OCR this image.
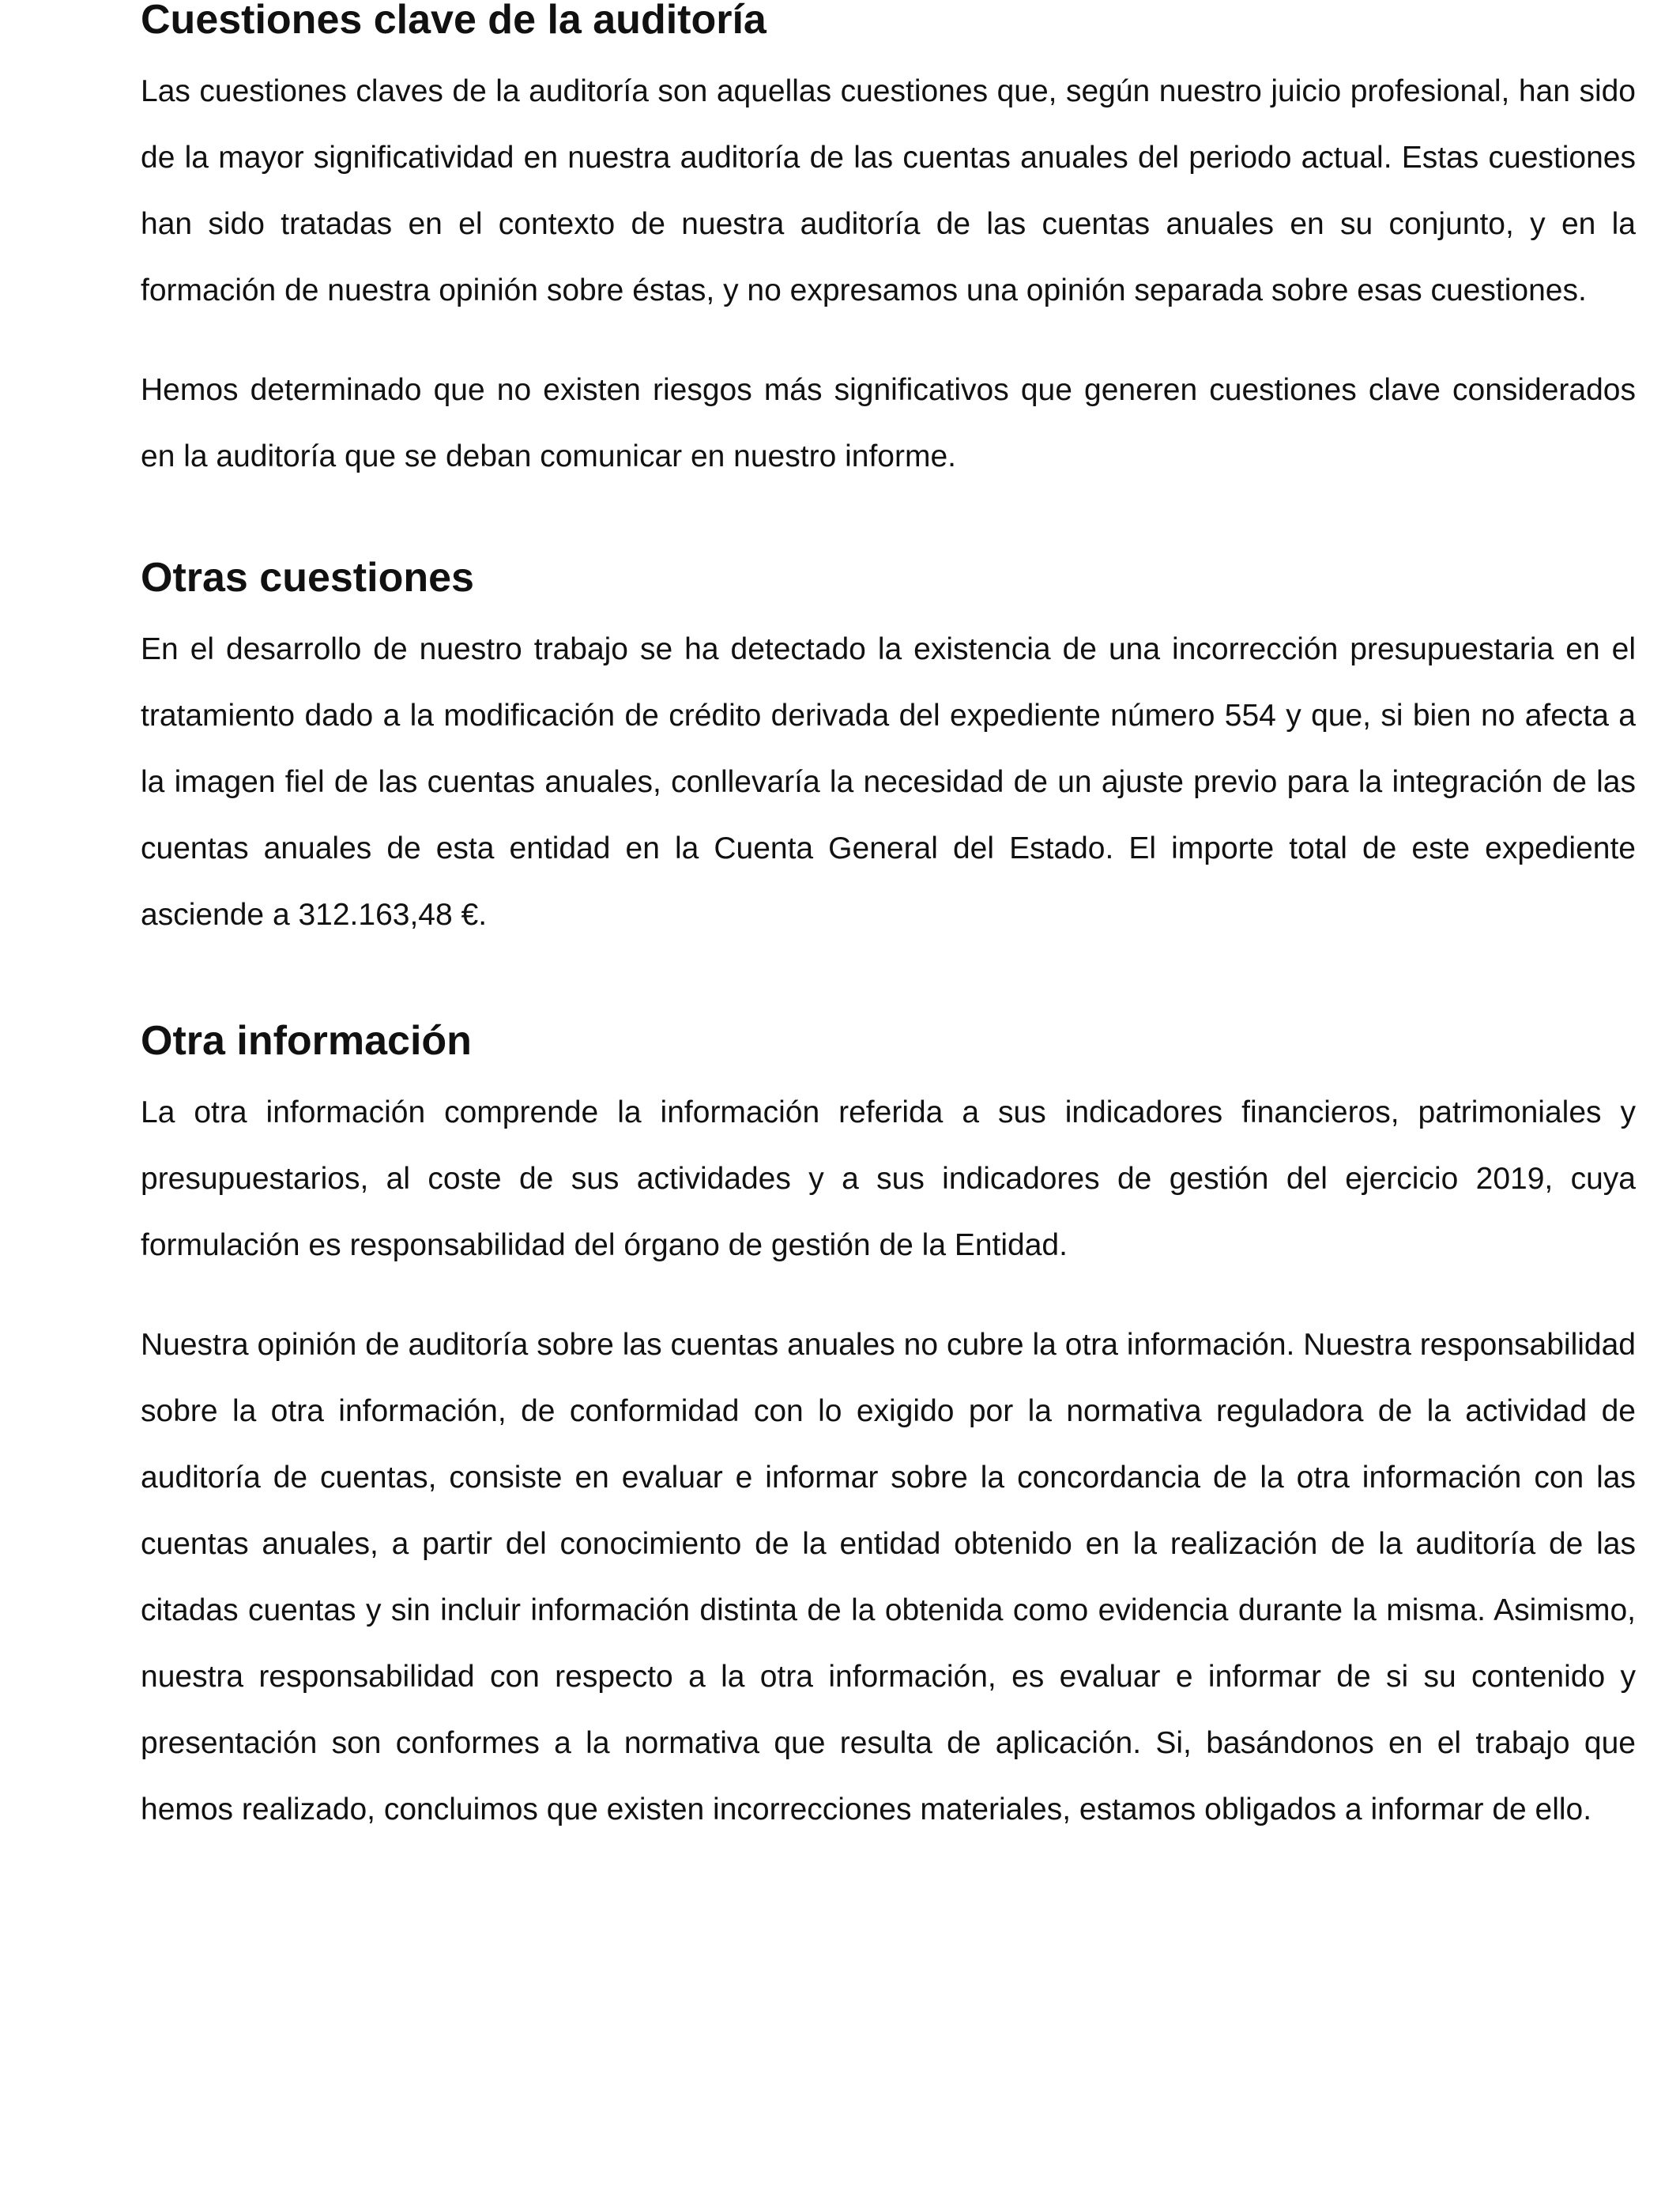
Cuestiones clave de la auditoría

Las cuestiones claves de la auditoría son aquellas cuestiones que, según nuestro juicio profesional, han sido de la mayor significatividad en nuestra auditoría de las cuentas anuales del periodo actual. Estas cuestiones han sido tratadas en el contexto de nuestra auditoría de las cuentas anuales en su conjunto, y en la formación de nuestra opinión sobre éstas, y no expresamos una opinión separada sobre esas cuestiones.

Hemos determinado que no existen riesgos más significativos que generen cuestiones clave considerados en la auditoría que se deban comunicar en nuestro informe.

Otras cuestiones

En el desarrollo de nuestro trabajo se ha detectado la existencia de una incorrección presupuestaria en el tratamiento dado a la modificación de crédito derivada del expediente número 554 y que, si bien no afecta a la imagen fiel de las cuentas anuales, conllevaría la necesidad de un ajuste previo para la integración de las cuentas anuales de esta entidad en la Cuenta General del Estado. El importe total de este expediente asciende a 312.163,48 €.

Otra información

La otra información comprende la información referida a sus indicadores financieros, patrimoniales y presupuestarios, al coste de sus actividades y a sus indicadores de gestión del ejercicio 2019, cuya formulación es responsabilidad del órgano de gestión de la Entidad.

Nuestra opinión de auditoría sobre las cuentas anuales no cubre la otra información. Nuestra responsabilidad sobre la otra información, de conformidad con lo exigido por la normativa reguladora de la actividad de auditoría de cuentas, consiste en evaluar e informar sobre la concordancia de la otra información con las cuentas anuales, a partir del conocimiento de la entidad obtenido en la realización de la auditoría de las citadas cuentas y sin incluir información distinta de la obtenida como evidencia durante la misma. Asimismo, nuestra responsabilidad con respecto a la otra información, es evaluar e informar de si su contenido y presentación son conformes a la normativa que resulta de aplicación. Si, basándonos en el trabajo que hemos realizado, concluimos que existen incorrecciones materiales, estamos obligados a informar de ello.
